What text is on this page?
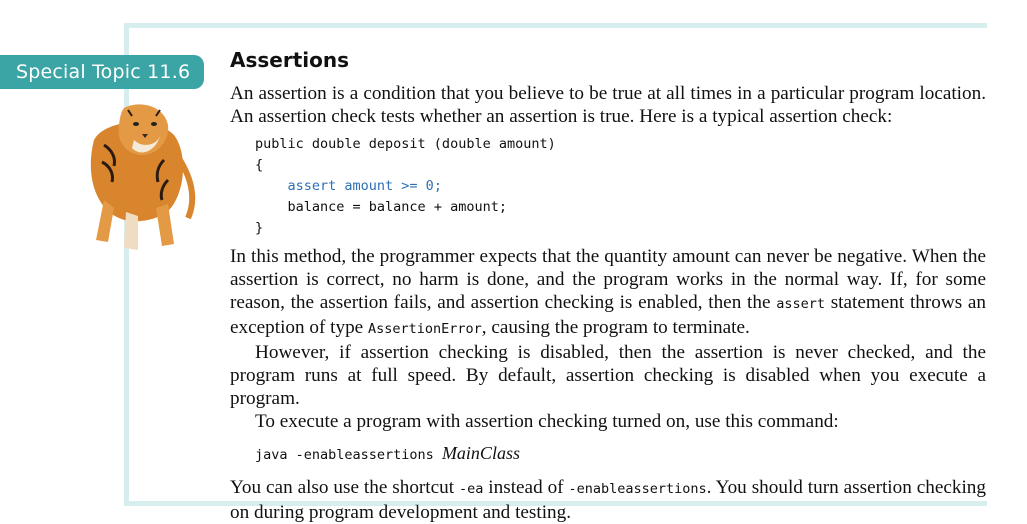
Special Topic 11.6	Assertions

An assertion is a condition that you believe to be true at all times in a particular program location. An assertion check tests whether an assertion is true. Here is a typical assertion check:

public double deposit (double amount)
{
assert amount >= 0;
balance = balance + amount;
}

In this method, the programmer expects that the quantity amount can never be negative. When the assertion is correct, no harm is done, and the program works in the normal way. If, for some reason, the assertion fails, and assertion checking is enabled, then the assert statement throws an exception of type AssertionError, causing the program to terminate.

However, if assertion checking is disabled, then the assertion is never checked, and the program runs at full speed. By default, assertion checking is disabled when you execute a program.

To execute a program with assertion checking turned on, use this command:

java -enableassertions MainClass

You can also use the shortcut -ea instead of -enableassertions. You should turn assertion checking on during program development and testing.
